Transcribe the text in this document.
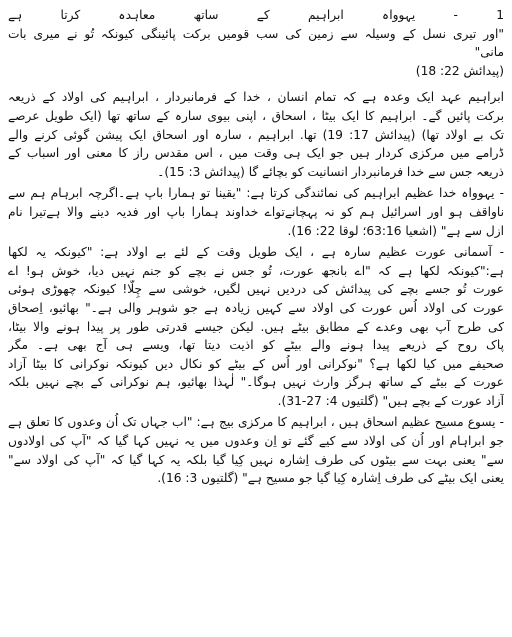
1 - یہوواہ ابراہیم کے ساتھ معاہدہ کرتا ہے
"اور تیری نسل کے وسیلہ سے زمین کی سب قومیں برکت پائینگی کیونکہ تُو نے میری بات
مانی"
(پیدائش 22: 18)
ابراہیم عہد ایک وعدہ ہے کہ تمام انسان ، خدا کے فرمانبردار ، ابراہیم کی اولاد کے ذریعہ
برکت پائیں گے۔ ابراہیم کا ایک بیٹا ، اسحاق ، اپنی بیوی سارہ کے ساتھ تھا (ایک طویل عرصے
تک بے اولاد تھا) (پیدائش 17: 19) تھا. ابراہیم ، سارہ اور اسحاق ایک پیشن گوئی کرنے والے
ڈرامے میں مرکزی کردار ہیں جو ایک ہی وقت میں ، اس مقدس راز کا معنی اور اسباب کے
ذریعہ جس سے خدا فرمانبردار انسانیت کو بچائے گا (پیدائش 3: 15)۔
- یہوواہ خدا عظیم ابراہیم کی نمائندگی کرتا ہے: "یقینا تو ہمارا باپ ہے۔اگرچہ ابرہام ہم سے
ناواقف ہو اور اسرائیل ہم کو نہ پہچانےتواے خداوند ہمارا باپ اور فدیہ دینے والا ہےتیرا نام
ازل سے ہے" (اشعیا 63:16؛ لوقا 22: 16).
- آسمانی عورت عظیم سارہ ہے ، ایک طویل وقت کے لئے بے اولاد ہے: "کیونکہ یہ لکھا
ہے:"کیونکہ لکھا ہے کہ "اے بانجھ عورت، تُو جس نے بچے کو جنم نہیں دیا، خوش ہو! اے
عورت تُو جسے بچے کی پیدائش کی دردیں نہیں لگیں، خوشی سے چِلّا! کیونکہ چھوڑی ہوئی
عورت کی اولاد اُس عورت کی اولاد سے کہیں زیادہ ہے جو شوہر والی ہے۔" بھائیو، اِصحاق
کی طرح آپ بھی وعدے کے مطابق بیٹے ہیں. لیکن جیسے قدرتی طور پر پیدا ہونے والا بیٹا،
پاک روح کے ذریعے پیدا ہونے والے بیٹے کو اذیت دیتا تھا، ویسے ہی آج بھی ہے۔ مگر
صحیفے میں کیا لکھا ہے؟ "نوکرانی اور اُس کے بیٹے کو نکال دیں کیونکہ نوکرانی کا بیٹا آزاد
عورت کے بیٹے کے ساتھ ہرگز وارث نہیں ہوگا۔" لٰہذا بھائیو، ہم نوکرانی کے بچے نہیں بلکہ
آزاد عورت کے بچے ہیں" (گلتیوں 4: 27-31).
- یسوع مسیح عظیم اسحاق ہیں ، ابراہیم کا مرکزی بیج ہے: "اب جہاں تک اُن وعدوں کا تعلق ہے
جو ابراہام اور اُن کی اولاد سے کیے گئے تو اِن وعدوں میں یہ نہیں کہا گیا کہ "آپ کی اولادوں
سے" یعنی بہت سے بیٹوں کی طرف اِشارہ نہیں کِیا گیا بلکہ یہ کہا گیا کہ "آپ کی اولاد سے"
یعنی ایک بیٹے کی طرف اِشارہ کِیا گیا جو مسیح ہے" (گلتیوں 3: 16).
